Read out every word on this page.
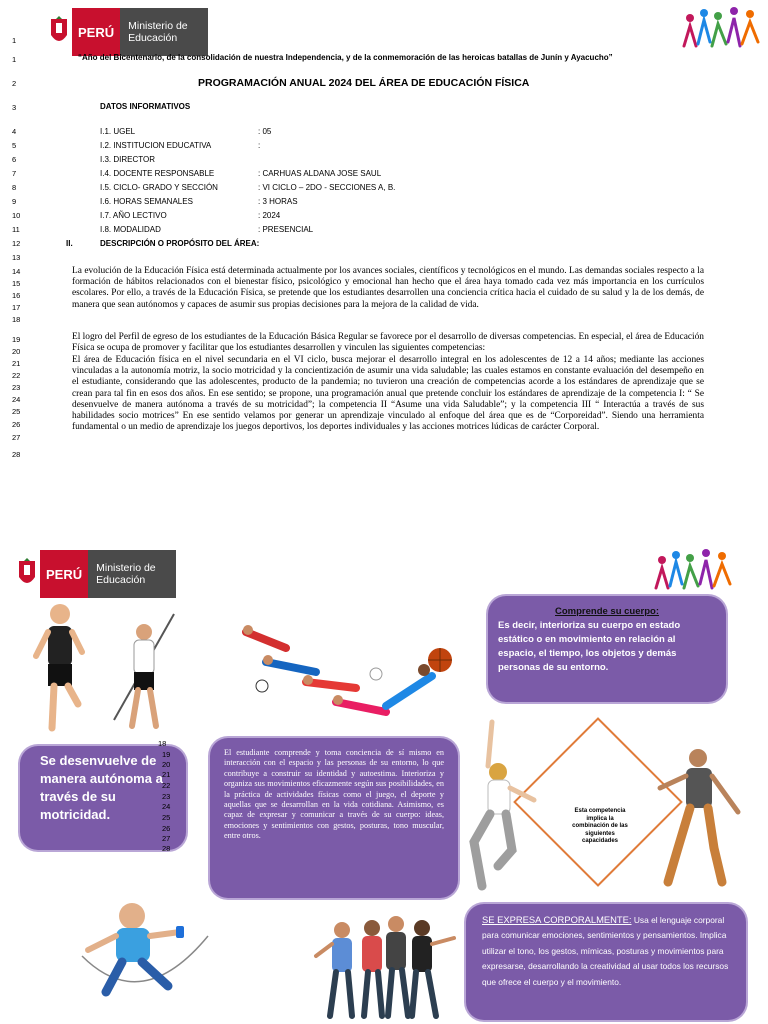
PERÚ	Ministerio de Educación
1
1
2
3
4
5
6
7
8
9
10
11
12
13
14
15
16
17
18
19
20
21
22
23
24
25
26
27
28
“Año del Bicentenario, de la consolidación de nuestra Independencia, y de la conmemoración de las heroicas batallas de Junín y Ayacucho”
PROGRAMACIÓN ANUAL 2024 DEL ÁREA DE EDUCACIÓN FÍSICA
DATOS INFORMATIVOS
I.1. UGEL	: 05
I.2. INSTITUCION EDUCATIVA	:
I.3. DIRECTOR
I.4. DOCENTE RESPONSABLE	: CARHUAS ALDANA JOSE SAUL
I.5. CICLO- GRADO Y SECCIÓN	: VI CICLO – 2DO - SECCIONES A, B.
I.6. HORAS SEMANALES	: 3 HORAS
I.7. AÑO LECTIVO	: 2024
I.8. MODALIDAD	: PRESENCIAL
II.	DESCRIPCIÓN O PROPÓSITO DEL ÁREA:
La evolución de la Educación Física está determinada actualmente por los avances sociales, científicos y tecnológicos en el mundo. Las demandas sociales respecto a la formación de hábitos relacionados con el bienestar físico, psicológico y emocional han hecho que el área haya tomado cada vez más importancia en los currículos escolares. Por ello, a través de la Educación Física, se pretende que los estudiantes desarrollen una conciencia crítica hacia el cuidado de su salud y la de los demás, de manera que sean autónomos y capaces de asumir sus propias decisiones para la mejora de la calidad de vida.
El logro del Perfil de egreso de los estudiantes de la Educación Básica Regular se favorece por el desarrollo de diversas competencias. En especial, el área de Educación Física se ocupa de promover y facilitar que los estudiantes desarrollen y vinculen las siguientes competencias:
El área de Educación física en el nivel secundaria en el VI ciclo, busca mejorar el desarrollo integral en los adolescentes de 12 a 14 años; mediante las acciones vinculadas a la autonomía motriz, la socio motricidad y la concientización de asumir una vida saludable; las cuales estamos en constante evaluación del desempeño en el estudiante, considerando que las adolescentes, producto de la pandemia; no tuvieron una creación de competencias acorde a los estándares de aprendizaje que se crean para tal fin en esos dos años. En ese sentido; se propone, una programación anual que pretende concluir los estándares de aprendizaje de la competencia I: “ Se desenvuelve de manera autónoma a través de su motricidad”; la competencia II “Asume una vida Saludable”; y la competencia III “ Interactúa a través de sus habilidades socio motrices” En ese sentido velamos por generar un aprendizaje vinculado al enfoque del área que es de “Corporeidad”. Siendo una herramienta fundamental o un medio de aprendizaje los juegos deportivos, los deportes individuales y las acciones motrices lúdicas de carácter Corporal.
PERÚ	Ministerio de Educación
Se desenvuelve de manera autónoma a través de su motricidad.
18
19
20
21
22
23
24
25
26
27
28
El estudiante comprende y toma conciencia de sí mismo en interacción con el espacio y las personas de su entorno, lo que contribuye a construir su identidad y autoestima. Interioriza y organiza sus movimientos eficazmente según sus posibilidades, en la práctica de actividades físicas como el juego, el deporte y aquellas que se desarrollan en la vida cotidiana. Asimismo, es capaz de expresar y comunicar a través de su cuerpo: ideas, emociones y sentimientos con gestos, posturas, tono muscular, entre otros.
Comprende su cuerpo:
Es decir, interioriza su cuerpo en estado estático o en movimiento en relación al espacio, el tiempo, los objetos y demás personas de su entorno.
Esta competencia implica la combinación de las siguientes capacidades
SE EXPRESA CORPORALMENTE: Usa el lenguaje corporal para comunicar emociones, sentimientos y pensamientos. Implica utilizar el tono, los gestos, mímicas, posturas y movimientos para expresarse, desarrollando la creatividad al usar todos los recursos que ofrece el cuerpo y el movimiento.
